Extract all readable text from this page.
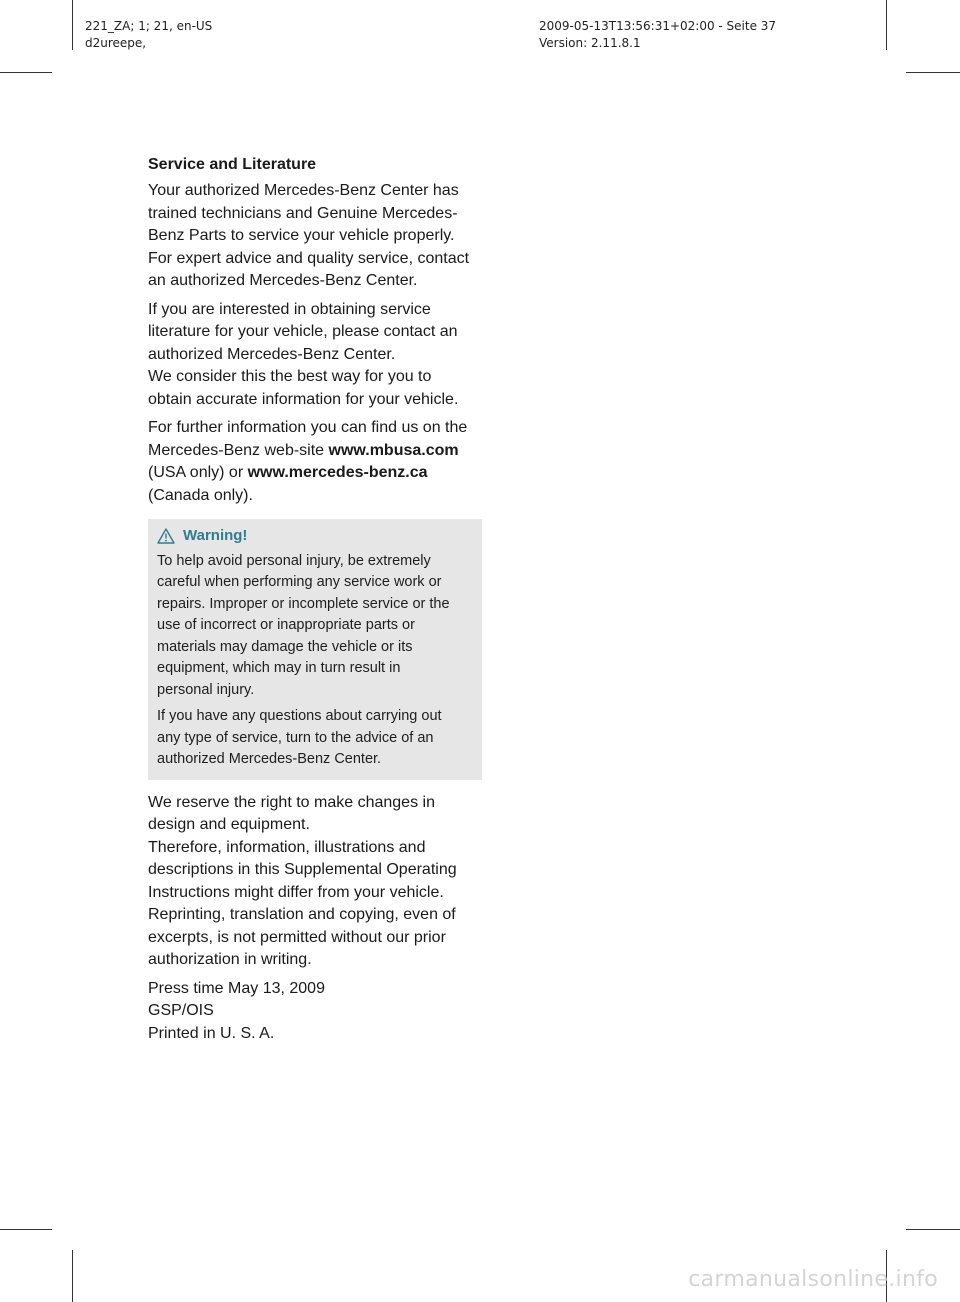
221_ZA; 1; 21, en-US
d2ureepe,
2009-05-13T13:56:31+02:00 - Seite 37
Version: 2.11.8.1
Service and Literature

Your authorized Mercedes-Benz Center has
trained technicians and Genuine Mercedes-
Benz Parts to service your vehicle properly.
For expert advice and quality service, contact
an authorized Mercedes-Benz Center.

If you are interested in obtaining service
literature for your vehicle, please contact an
authorized Mercedes-Benz Center.
We consider this the best way for you to
obtain accurate information for your vehicle.

For further information you can find us on the
Mercedes-Benz web-site www.mbusa.com
(USA only) or www.mercedes-benz.ca
(Canada only).

Warning!

To help avoid personal injury, be extremely
careful when performing any service work or
repairs. Improper or incomplete service or the
use of incorrect or inappropriate parts or
materials may damage the vehicle or its
equipment, which may in turn result in
personal injury.

If you have any questions about carrying out
any type of service, turn to the advice of an
authorized Mercedes-Benz Center.

We reserve the right to make changes in
design and equipment.
Therefore, information, illustrations and
descriptions in this Supplemental Operating
Instructions might differ from your vehicle.
Reprinting, translation and copying, even of
excerpts, is not permitted without our prior
authorization in writing.

Press time May 13, 2009
GSP/OIS
Printed in U. S. A.

carmanualsonline.info
